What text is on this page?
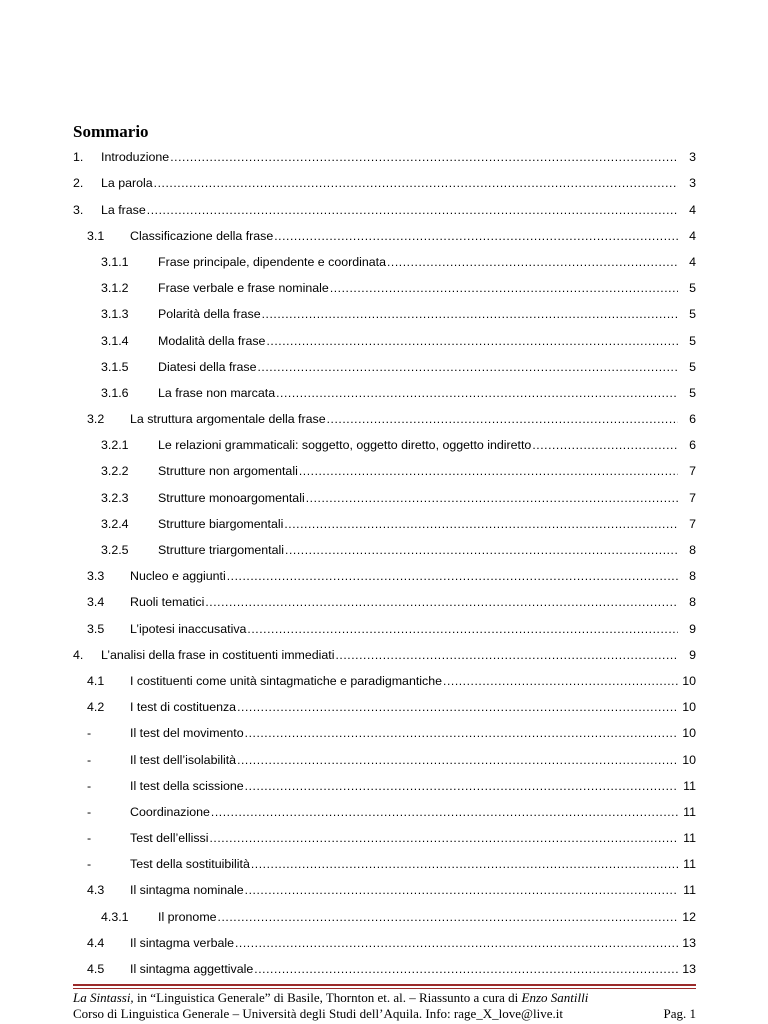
Sommario
1.	Introduzione .....	3
2.	La parola .....	3
3.	La frase .....	4
3.1	Classificazione della frase .....	4
3.1.1	Frase principale, dipendente e coordinata .....	4
3.1.2	Frase verbale e frase nominale .....	5
3.1.3	Polarità della frase .....	5
3.1.4	Modalità della frase .....	5
3.1.5	Diatesi della frase .....	5
3.1.6	La frase non marcata .....	5
3.2	La struttura argomentale della frase .....	6
3.2.1	Le relazioni grammaticali: soggetto, oggetto diretto, oggetto indiretto .....	6
3.2.2	Strutture non argomentali .....	7
3.2.3	Strutture monoargomentali .....	7
3.2.4	Strutture biargomentali .....	7
3.2.5	Strutture triargomentali .....	8
3.3	Nucleo e aggiunti .....	8
3.4	Ruoli tematici .....	8
3.5	L’ipotesi inaccusativa .....	9
4.	L’analisi della frase in costituenti immediati .....	9
4.1	I costituenti come unità sintagmatiche e paradigmantiche .....	10
4.2	I test di costituenza .....	10
-	Il test del movimento .....	10
-	Il test dell’isolabilità .....	10
-	Il test della scissione .....	11
-	Coordinazione .....	11
-	Test dell’ellissi .....	11
-	Test della sostituibilità .....	11
4.3	Il sintagma nominale .....	11
4.3.1	Il pronome .....	12
4.4	Il sintagma verbale .....	13
4.5	Il sintagma aggettivale .....	13
La Sintassi, in “Linguistica Generale” di Basile, Thornton et. al. – Riassunto a cura di Enzo Santilli
Corso di Linguistica Generale – Università degli Studi dell’Aquila. Info: rage_X_love@live.it	Pag. 1
